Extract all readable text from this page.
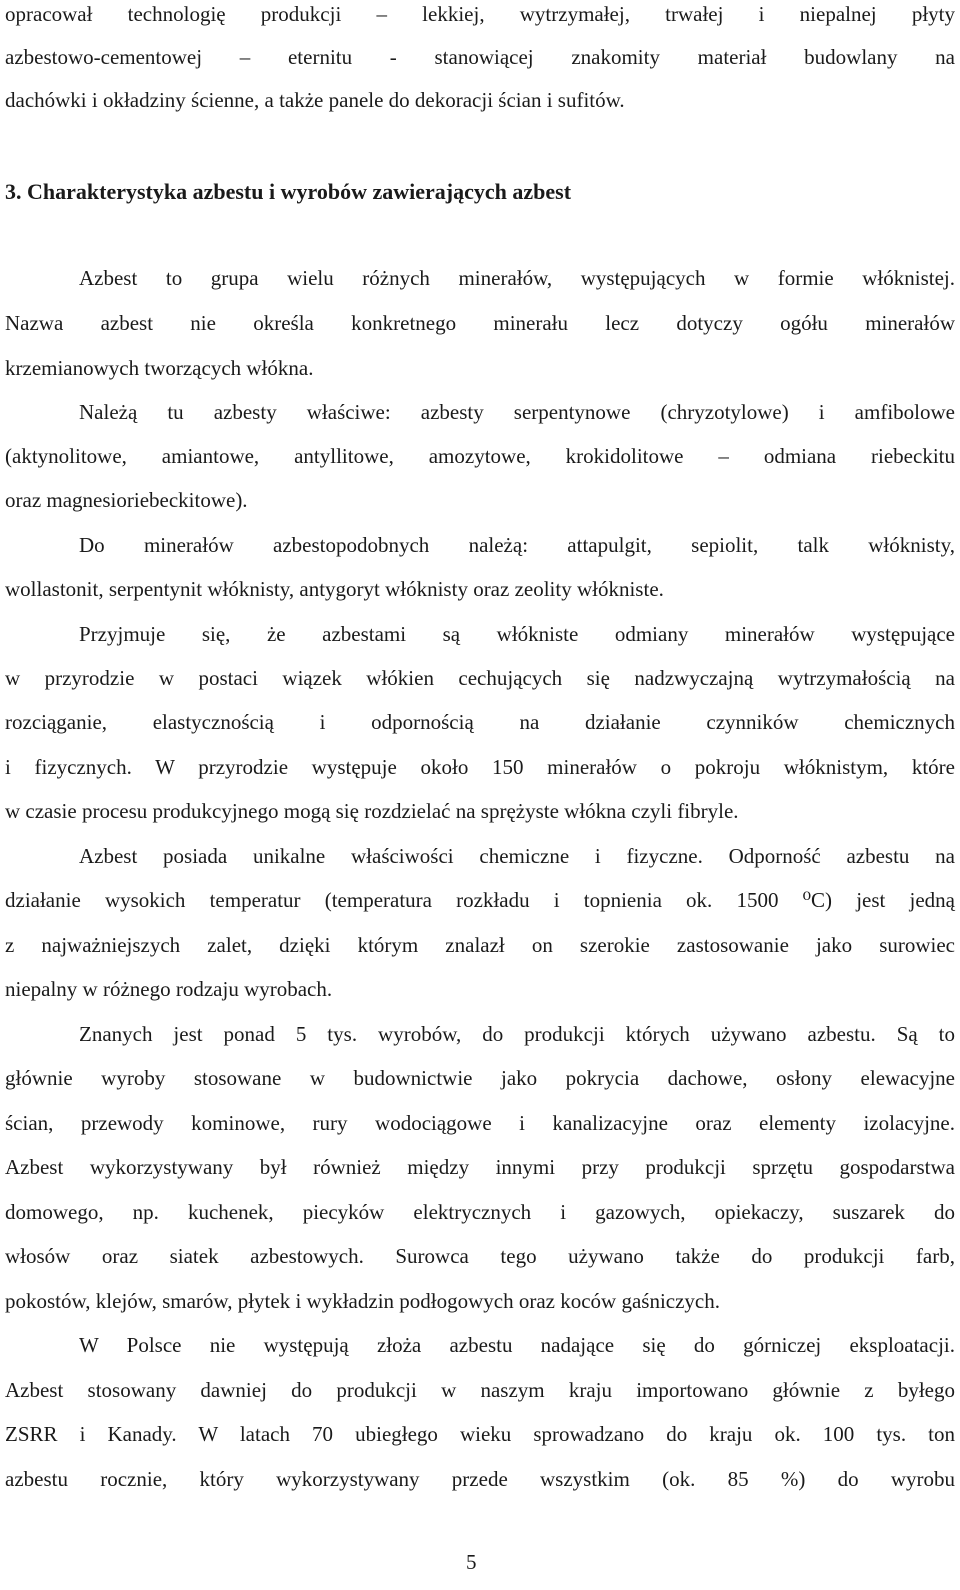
opracował technologię produkcji – lekkiej, wytrzymałej, trwałej i niepalnej płyty
azbestowo-cementowej – eternitu - stanowiącej znakomity materiał budowlany na
dachówki i okładziny ścienne, a także panele do dekoracji ścian i sufitów.
3. Charakterystyka azbestu i wyrobów zawierających azbest
Azbest to grupa wielu różnych minerałów, występujących w formie włóknistej.
Nazwa azbest nie określa konkretnego minerału lecz dotyczy ogółu minerałów
krzemianowych tworzących włókna.
Należą tu azbesty właściwe: azbesty serpentynowe (chryzotylowe) i amfibolowe
(aktynolitowe, amiantowe, antyllitowe, amozytowe, krokidolitowe – odmiana riebeckitu
oraz magnesioriebeckitowe).
Do minerałów azbestopodobnych należą: attapulgit, sepiolit, talk włóknisty,
wollastonit, serpentynit włóknisty, antygoryt włóknisty oraz zeolity włókniste.
Przyjmuje się, że azbestami są włókniste odmiany minerałów występujące
w przyrodzie w postaci wiązek włókien cechujących się nadzwyczajną wytrzymałością na
rozciąganie, elastycznością i odpornością na działanie czynników chemicznych
i fizycznych. W przyrodzie występuje około 150 minerałów o pokroju włóknistym, które
w czasie procesu produkcyjnego mogą się rozdzielać na sprężyste włókna czyli fibryle.
Azbest posiada unikalne właściwości chemiczne i fizyczne. Odporność azbestu na
działanie wysokich temperatur (temperatura rozkładu i topnienia ok. 1500 ⁰C) jest jedną
z najważniejszych zalet, dzięki którym znalazł on szerokie zastosowanie jako surowiec
niepalny w różnego rodzaju wyrobach.
Znanych jest ponad 5 tys. wyrobów, do produkcji których używano azbestu. Są to
głównie wyroby stosowane w budownictwie jako pokrycia dachowe, osłony elewacyjne
ścian, przewody kominowe, rury wodociągowe i kanalizacyjne oraz elementy izolacyjne.
Azbest wykorzystywany był również między innymi przy produkcji sprzętu gospodarstwa
domowego, np. kuchenek, piecyków elektrycznych i gazowych, opiekaczy, suszarek do
włosów oraz siatek azbestowych. Surowca tego używano także do produkcji farb,
pokostów, klejów, smarów, płytek i wykładzin podłogowych oraz koców gaśniczych.
W Polsce nie występują złoża azbestu nadające się do górniczej eksploatacji.
Azbest stosowany dawniej do produkcji w naszym kraju importowano głównie z byłego
ZSRR i Kanady. W latach 70 ubiegłego wieku sprowadzano do kraju ok. 100 tys. ton
azbestu rocznie, który wykorzystywany przede wszystkim (ok. 85 %) do wyrobu
5
